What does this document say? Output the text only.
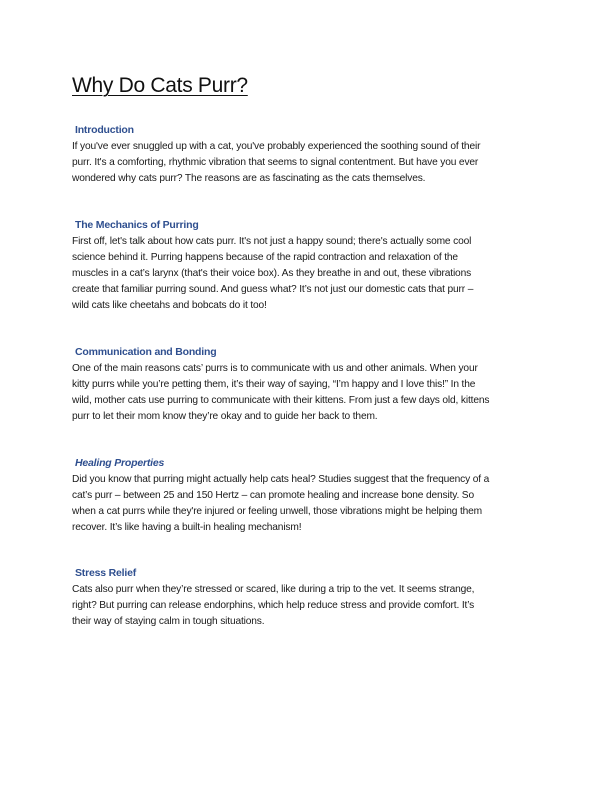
Why Do Cats Purr?
Introduction
If you've ever snuggled up with a cat, you've probably experienced the soothing sound of their
purr. It's a comforting, rhythmic vibration that seems to signal contentment. But have you ever
wondered why cats purr? The reasons are as fascinating as the cats themselves.
The Mechanics of Purring
First off, let's talk about how cats purr. It's not just a happy sound; there's actually some cool
science behind it. Purring happens because of the rapid contraction and relaxation of the
muscles in a cat’s larynx (that's their voice box). As they breathe in and out, these vibrations
create that familiar purring sound. And guess what? It’s not just our domestic cats that purr –
wild cats like cheetahs and bobcats do it too!
Communication and Bonding
One of the main reasons cats’ purrs is to communicate with us and other animals. When your
kitty purrs while you’re petting them, it’s their way of saying, “I’m happy and I love this!” In the
wild, mother cats use purring to communicate with their kittens. From just a few days old, kittens
purr to let their mom know they’re okay and to guide her back to them.
Healing Properties
Did you know that purring might actually help cats heal? Studies suggest that the frequency of a
cat’s purr – between 25 and 150 Hertz – can promote healing and increase bone density. So
when a cat purrs while they're injured or feeling unwell, those vibrations might be helping them
recover. It’s like having a built-in healing mechanism!
Stress Relief
Cats also purr when they’re stressed or scared, like during a trip to the vet. It seems strange,
right? But purring can release endorphins, which help reduce stress and provide comfort. It’s
their way of staying calm in tough situations.
